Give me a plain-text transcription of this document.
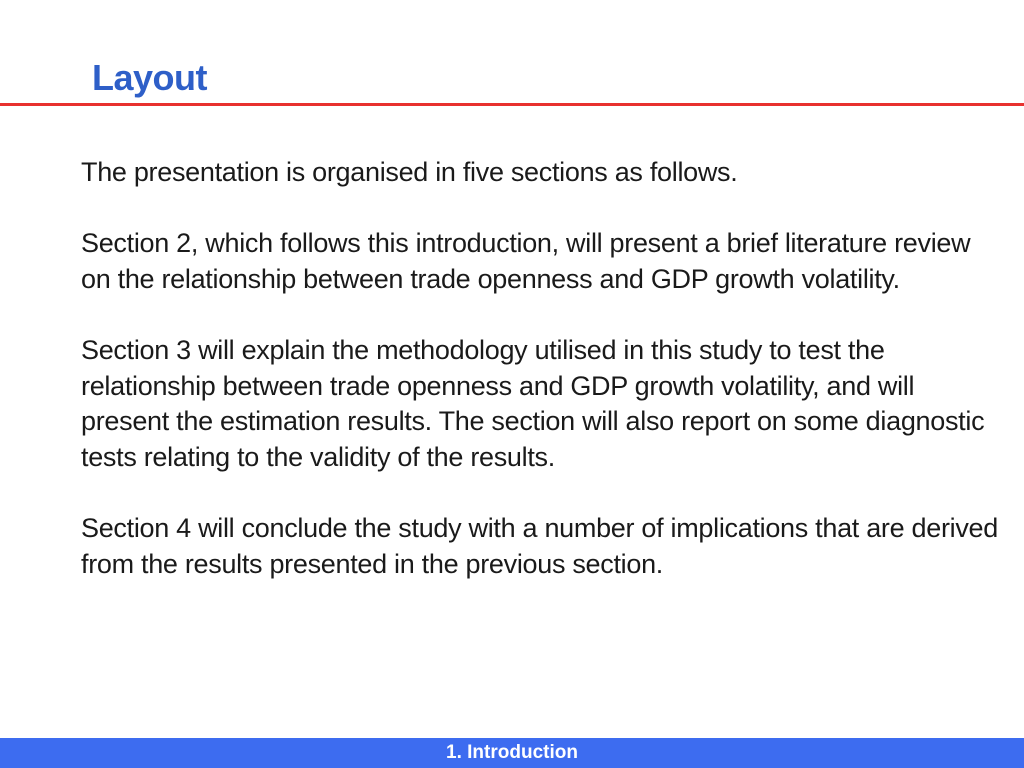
Layout

The presentation is organised in five sections as follows.

Section 2, which follows this introduction, will present a brief literature review on the relationship between trade openness and GDP growth volatility.

Section 3 will explain the methodology utilised in this study to test the relationship between trade openness and GDP growth volatility, and will present the estimation results. The section will also report on some diagnostic tests relating to the validity of the results.

Section 4 will conclude the study with a number of implications that are derived from the results presented in the previous section.

1. Introduction
